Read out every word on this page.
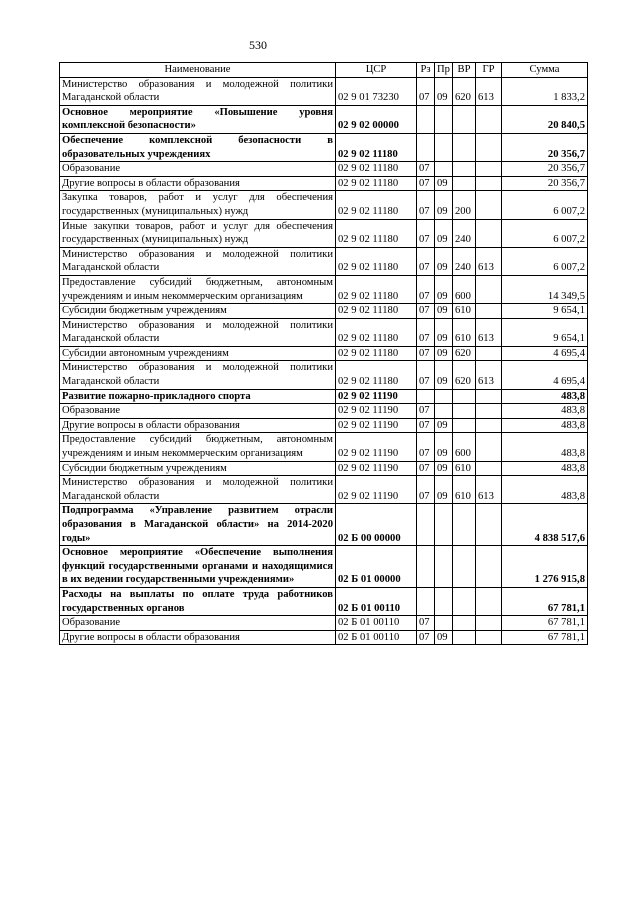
530
Наименование	ЦСР	Рз	Пр	ВР	ГР	Сумма
Министерство образования и молодежной политики Магаданской области	02 9 01 73230	07	09	620	613	1 833,2
Основное мероприятие «Повышение уровня комплексной безопасности»	02 9 02 00000					20 840,5
Обеспечение комплексной безопасности в образовательных учреждениях	02 9 02 11180					20 356,7
Образование	02 9 02 11180	07				20 356,7
Другие вопросы в области образования	02 9 02 11180	07	09			20 356,7
Закупка товаров, работ и услуг для обеспечения государственных (муниципальных) нужд	02 9 02 11180	07	09	200		6 007,2
Иные закупки товаров, работ и услуг для обеспечения государственных (муниципальных) нужд	02 9 02 11180	07	09	240		6 007,2
Министерство образования и молодежной политики Магаданской области	02 9 02 11180	07	09	240	613	6 007,2
Предоставление субсидий бюджетным, автономным учреждениям и иным некоммерческим организациям	02 9 02 11180	07	09	600		14 349,5
Субсидии бюджетным учреждениям	02 9 02 11180	07	09	610		9 654,1
Министерство образования и молодежной политики Магаданской области	02 9 02 11180	07	09	610	613	9 654,1
Субсидии автономным учреждениям	02 9 02 11180	07	09	620		4 695,4
Министерство образования и молодежной политики Магаданской области	02 9 02 11180	07	09	620	613	4 695,4
Развитие пожарно-прикладного спорта	02 9 02 11190					483,8
Образование	02 9 02 11190	07				483,8
Другие вопросы в области образования	02 9 02 11190	07	09			483,8
Предоставление субсидий бюджетным, автономным учреждениям и иным некоммерческим организациям	02 9 02 11190	07	09	600		483,8
Субсидии бюджетным учреждениям	02 9 02 11190	07	09	610		483,8
Министерство образования и молодежной политики Магаданской области	02 9 02 11190	07	09	610	613	483,8
Подпрограмма «Управление развитием отрасли образования в Магаданской области» на 2014-2020 годы»	02 Б 00 00000					4 838 517,6
Основное мероприятие «Обеспечение выполнения функций государственными органами и находящимися в их ведении государственными учреждениями»	02 Б 01 00000					1 276 915,8
Расходы на выплаты по оплате труда работников государственных органов	02 Б 01 00110					67 781,1
Образование	02 Б 01 00110	07				67 781,1
Другие вопросы в области образования	02 Б 01 00110	07	09			67 781,1
